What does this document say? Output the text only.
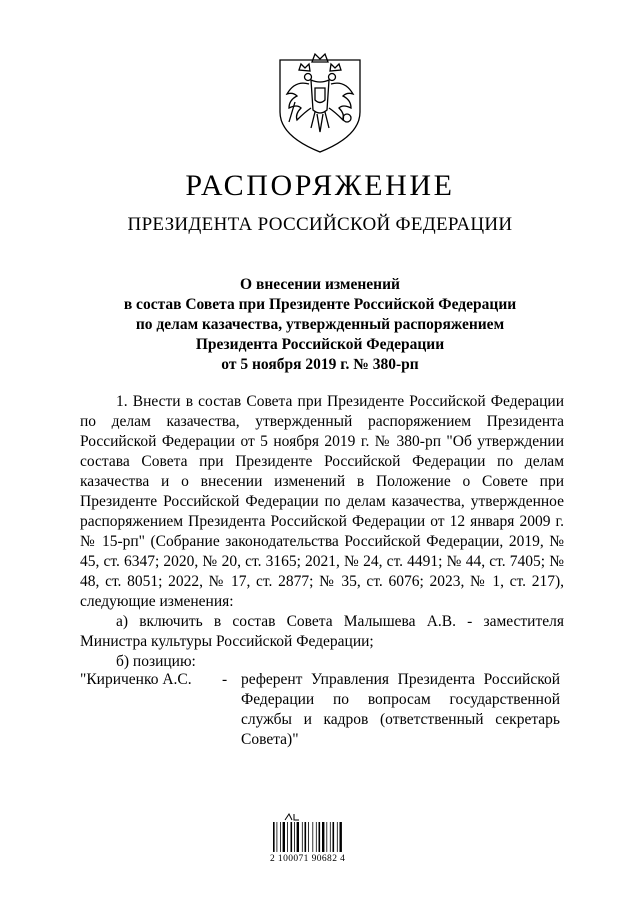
РАСПОРЯЖЕНИЕ
ПРЕЗИДЕНТА РОССИЙСКОЙ ФЕДЕРАЦИИ
О внесении изменений
в состав Совета при Президенте Российской Федерации
по делам казачества, утвержденный распоряжением
Президента Российской Федерации
от 5 ноября 2019 г. № 380-рп

1. Внести в состав Совета при Президенте Российской Федерации по делам казачества, утвержденный распоряжением Президента Российской Федерации от 5 ноября 2019 г. № 380-рп "Об утверждении состава Совета при Президенте Российской Федерации по делам казачества и о внесении изменений в Положение о Совете при Президенте Российской Федерации по делам казачества, утвержденное распоряжением Президента Российской Федерации от 12 января 2009 г. № 15-рп" (Собрание законодательства Российской Федерации, 2019, № 45, ст. 6347; 2020, № 20, ст. 3165; 2021, № 24, ст. 4491; № 44, ст. 7405; № 48, ст. 8051; 2022, № 17, ст. 2877; № 35, ст. 6076; 2023, № 1, ст. 217), следующие изменения:

а) включить в состав Совета Малышева А.В. - заместителя Министра культуры Российской Федерации;

б) позицию:

"Кириченко А.С. - референт Управления Президента Российской Федерации по вопросам государственной службы и кадров (ответственный секретарь Совета)"
2 100071 90682 4
